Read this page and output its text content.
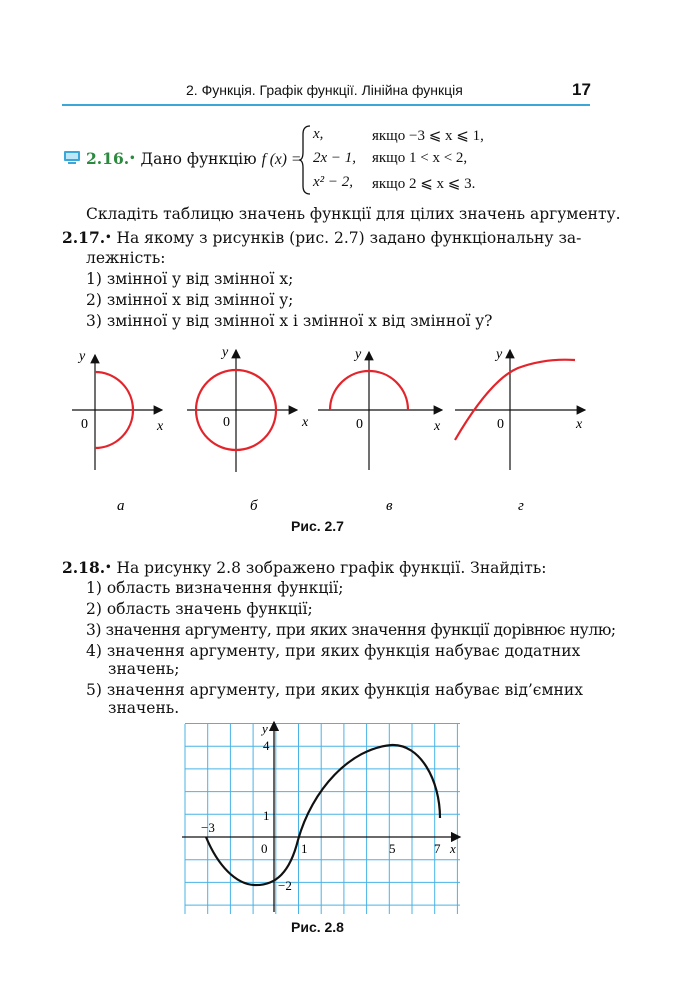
2. Функція. Графік функції. Лінійна функція	17
2.16.• Дано функцію f (x) =
x,	якщо −3 ⩽ x ⩽ 1,
2x − 1, якщо 1 < x < 2,
x² − 2, якщо 2 ⩽ x ⩽ 3.
Складіть таблицю значень функції для цілих значень аргументу.
2.17.• На якому з рисунків (рис. 2.7) задано функціональну за-
лежність:
1) змінної y від змінної x;
2) змінної x від змінної y;
3) змінної y від змінної x і змінної x від змінної y?
0	x
y
а
0	x
y
б
0	x
y
в
0	x
y
г
Рис. 2.7
2.18.• На рисунку 2.8 зображено графік функції. Знайдіть:
1) область визначення функції;
2) область значень функції;
3) значення аргументу, при яких значення функції дорівнює нулю;
4) значення аргументу, при яких функція набуває додатних
значень;
5) значення аргументу, при яких функція набуває від’ємних
значень.
−3
0	1	5	7 x
4
1
−2
y
Рис. 2.8
